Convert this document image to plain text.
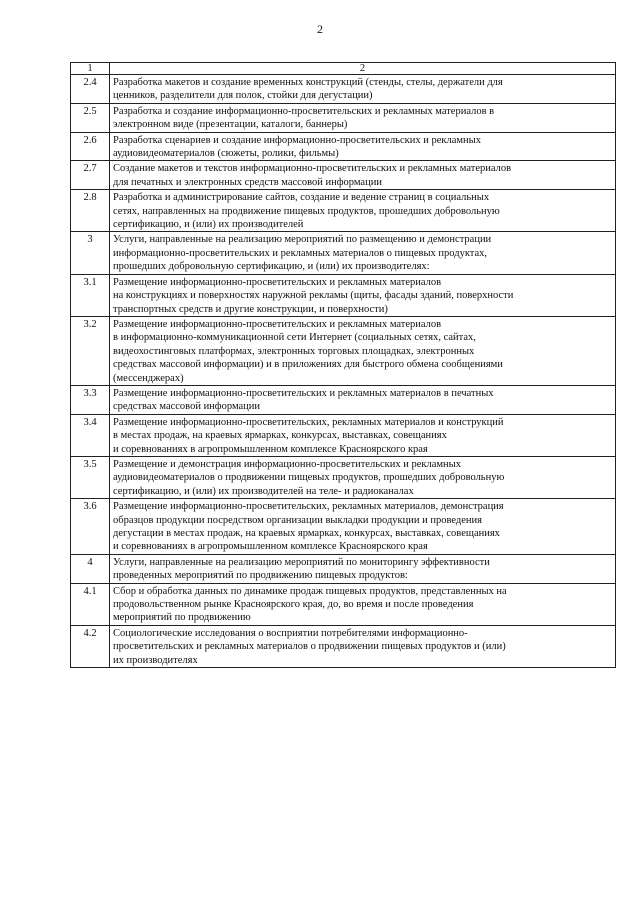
2
1	2
2.4	Разработка макетов и создание временных конструкций (стенды, стелы, держатели для
ценников, разделители для полок, стойки для дегустации)

2.5	Разработка и создание информационно-просветительских и рекламных материалов в
электронном виде (презентации, каталоги, баннеры)

2.6	Разработка сценариев и создание информационно-просветительских и рекламных
аудиовидеоматериалов (сюжеты, ролики, фильмы)

2.7	Создание макетов и текстов информационно-просветительских и рекламных материалов
для печатных и электронных средств массовой информации

2.8	Разработка и администрирование сайтов, создание и ведение страниц в социальных
сетях, направленных на продвижение пищевых продуктов, прошедших добровольную
сертификацию, и (или) их производителей

3	Услуги, направленные на реализацию мероприятий по размещению и демонстрации
информационно-просветительских и рекламных материалов о пищевых продуктах,
прошедших добровольную сертификацию, и (или) их производителях:

3.1	Размещение информационно-просветительских и рекламных материалов
на конструкциях и поверхностях наружной рекламы (щиты, фасады зданий, поверхности
транспортных средств и другие конструкции, и поверхности)

3.2	Размещение информационно-просветительских и рекламных материалов
в информационно-коммуникационной сети Интернет (социальных сетях, сайтах,
видеохостинговых платформах, электронных торговых площадках, электронных
средствах массовой информации) и в приложениях для быстрого обмена сообщениями
(мессенджерах)

3.3	Размещение информационно-просветительских и рекламных материалов в печатных
средствах массовой информации

3.4	Размещение информационно-просветительских, рекламных материалов и конструкций
в местах продаж, на краевых ярмарках, конкурсах, выставках, совещаниях
и соревнованиях в агропромышленном комплексе Красноярского края

3.5	Размещение и демонстрация информационно-просветительских и рекламных
аудиовидеоматериалов о продвижении пищевых продуктов, прошедших добровольную
сертификацию, и (или) их производителей на теле- и радиоканалах

3.6	Размещение информационно-просветительских, рекламных материалов, демонстрация
образцов продукции посредством организации выкладки продукции и проведения
дегустации в местах продаж, на краевых ярмарках, конкурсах, выставках, совещаниях
и соревнованиях в агропромышленном комплексе Красноярского края

4	Услуги, направленные на реализацию мероприятий по мониторингу эффективности
проведенных мероприятий по продвижению пищевых продуктов:

4.1	Сбор и обработка данных по динамике продаж пищевых продуктов, представленных на
продовольственном рынке Красноярского края, до, во время и после проведения
мероприятий по продвижению

4.2	Социологические исследования о восприятии потребителями информационно-
просветительских и рекламных материалов о продвижении пищевых продуктов и (или)
их производителях
